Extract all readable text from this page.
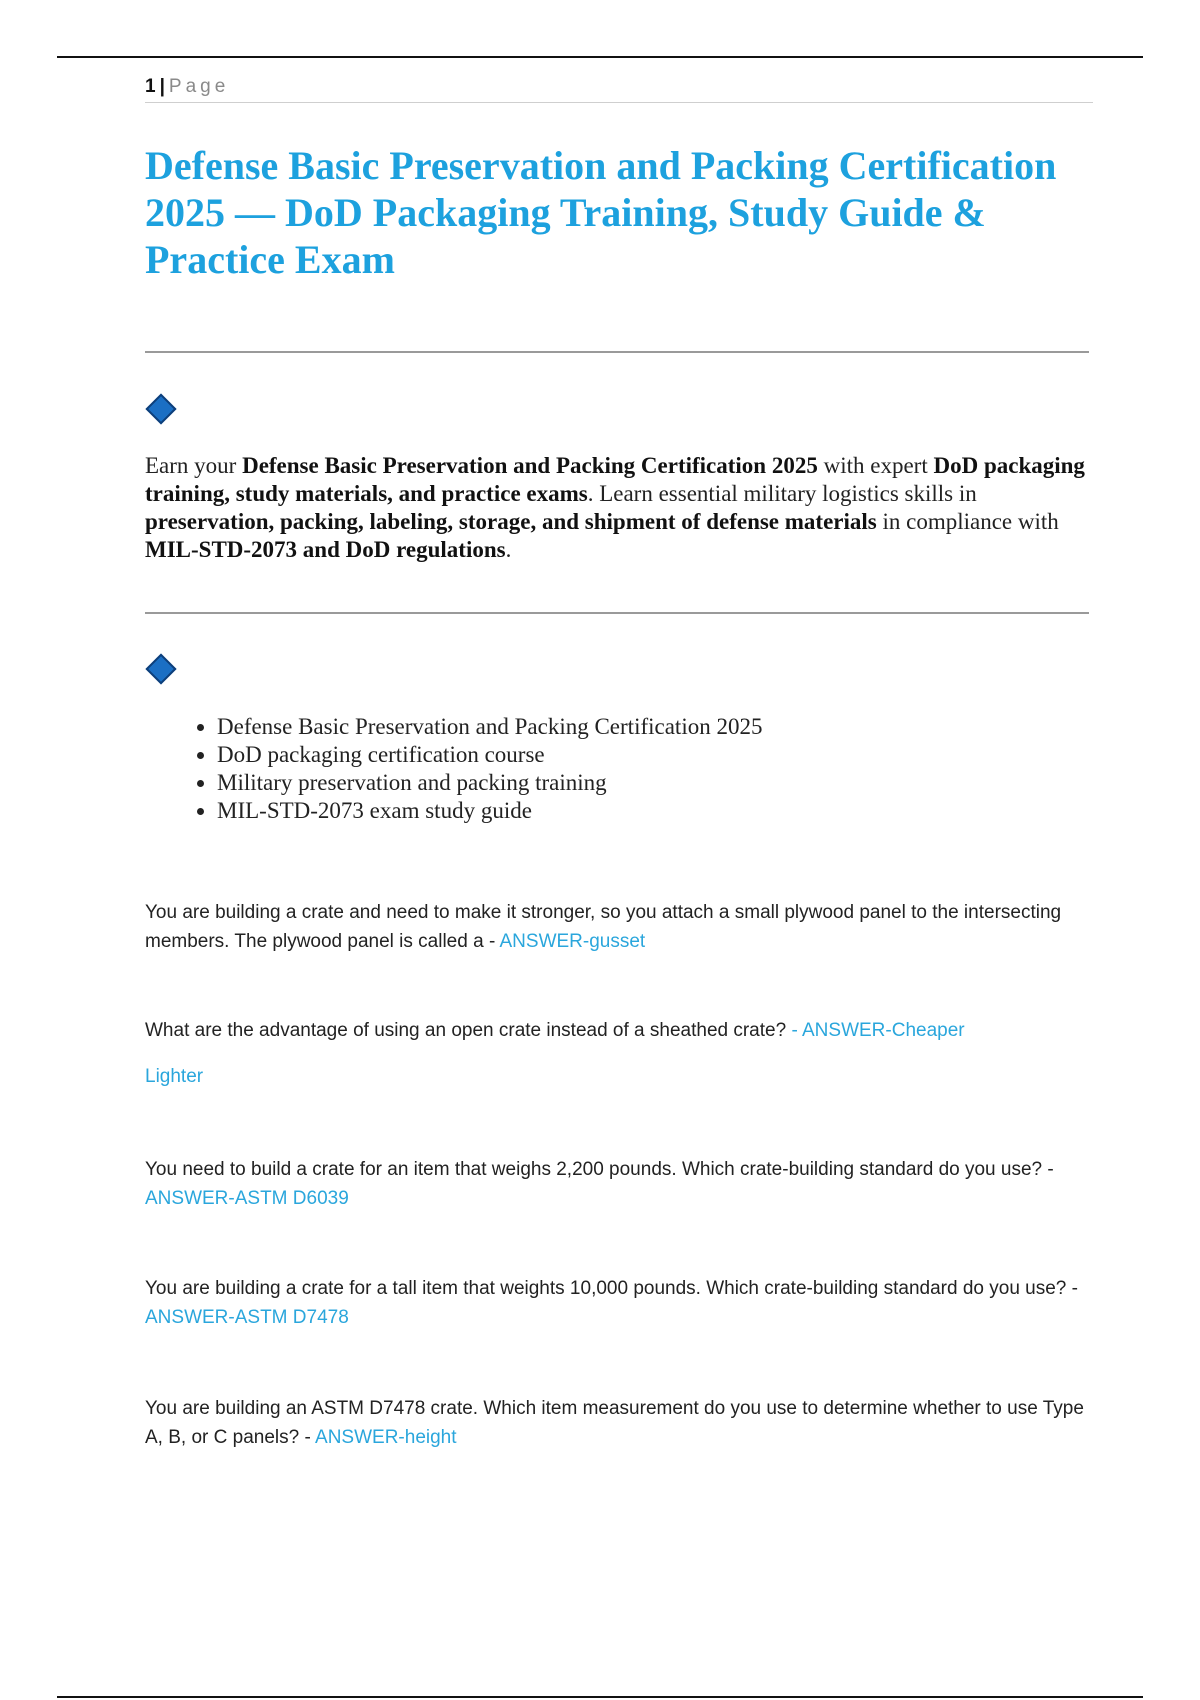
1 | Page
Defense Basic Preservation and Packing Certification 2025 — DoD Packaging Training, Study Guide & Practice Exam

Earn your Defense Basic Preservation and Packing Certification 2025 with expert DoD packaging training, study materials, and practice exams. Learn essential military logistics skills in preservation, packing, labeling, storage, and shipment of defense materials in compliance with MIL-STD-2073 and DoD regulations.

• Defense Basic Preservation and Packing Certification 2025
• DoD packaging certification course
• Military preservation and packing training
• MIL-STD-2073 exam study guide

You are building a crate and need to make it stronger, so you attach a small plywood panel to the intersecting members. The plywood panel is called a - ANSWER-gusset

What are the advantage of using an open crate instead of a sheathed crate? - ANSWER-Cheaper

Lighter

You need to build a crate for an item that weighs 2,200 pounds. Which crate-building standard do you use? - ANSWER-ASTM D6039

You are building a crate for a tall item that weights 10,000 pounds. Which crate-building standard do you use? - ANSWER-ASTM D7478

You are building an ASTM D7478 crate. Which item measurement do you use to determine whether to use Type A, B, or C panels? - ANSWER-height
